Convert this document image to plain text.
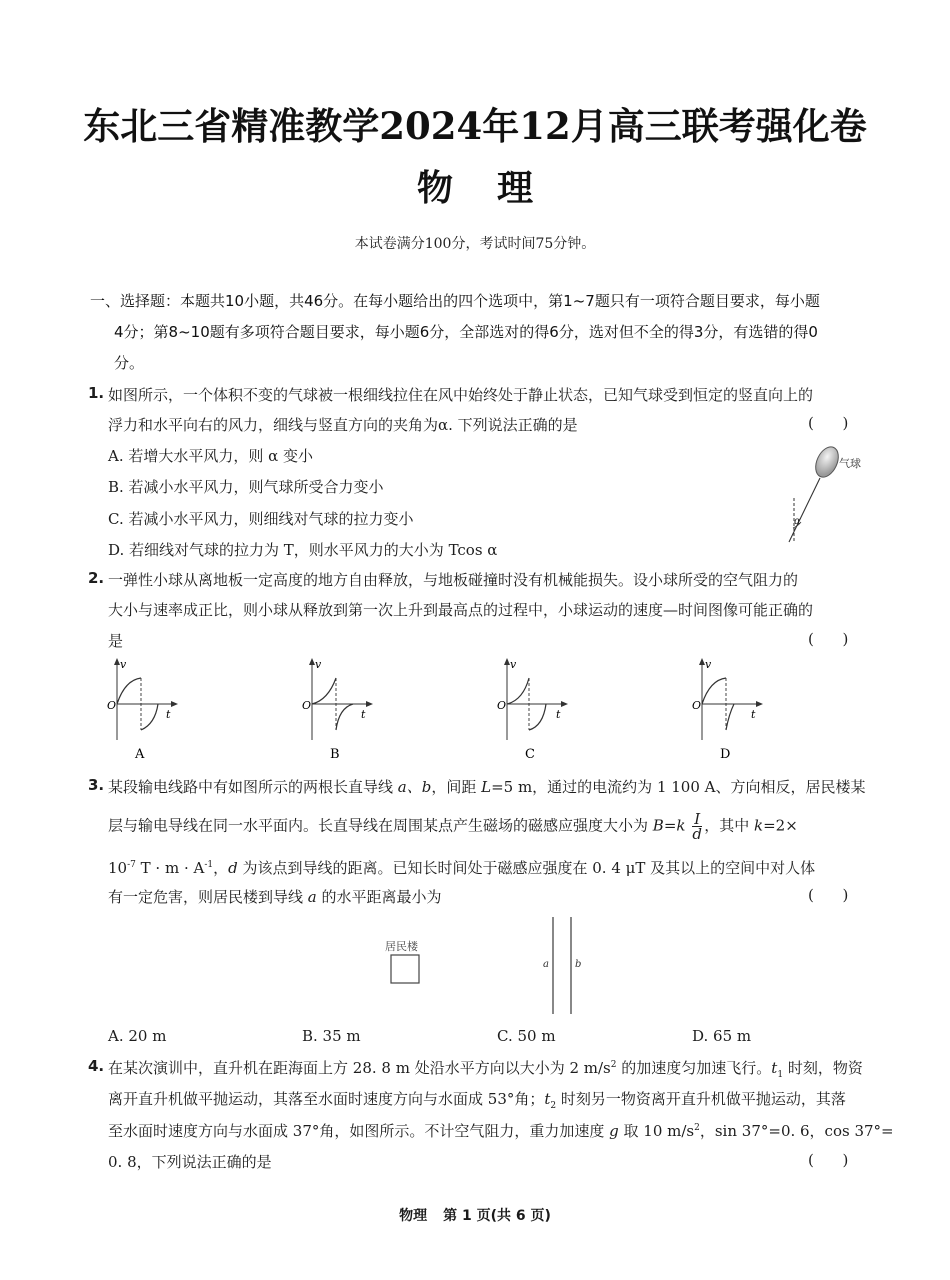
东北三省精准教学2024年12月高三联考强化卷
物 理
本试卷满分100分，考试时间75分钟。
一、选择题：本题共10小题，共46分。在每小题给出的四个选项中，第1~7题只有一项符合题目要求，每小题
4分；第8~10题有多项符合题目要求，每小题6分，全部选对的得6分，选对但不全的得3分，有选错的得0
分。
1. 如图所示，一个体积不变的气球被一根细线拉住在风中始终处于静止状态，已知气球受到恒定的竖直向上的
浮力和水平向右的风力，细线与竖直方向的夹角为α. 下列说法正确的是	(      )
A. 若增大水平风力，则 α 变小
B. 若减小水平风力，则气球所受合力变小
C. 若减小水平风力，则细线对气球的拉力变小
D. 若细线对气球的拉力为 T，则水平风力的大小为 Tcos α
α
气球
2. 一弹性小球从离地板一定高度的地方自由释放，与地板碰撞时没有机械能损失。设小球所受的空气阻力的
大小与速率成正比，则小球从释放到第一次上升到最高点的过程中，小球运动的速度—时间图像可能正确的
是	(      )
v
O
t
A
v
O
t
B
v
O
t
C
v
O
t
D
3. 某段输电线路中有如图所示的两根长直导线 a、b，间距 L=5 m，通过的电流约为 1 100 A、方向相反，居民楼某
层与输电导线在同一水平面内。长直导线在周围某点产生磁场的磁感应强度大小为 $B=k \frac{I}{d}$ ，其中 k=2×
$10^{-7}$ $T \cdot m \cdot A^{-1}$，d 为该点到导线的距离。已知长时间处于磁感应强度在 0. 4 μT 及其以上的空间中对人体
有一定危害，则居民楼到导线 a 的水平距离最小为	(      )
居民楼
a	b
A. 20 m	B. 35 m	C. 50 m	D. 65 m
4. 在某次演训中，直升机在距海面上方 28. 8 m 处沿水平方向以大小为 2 $m/s^2$ 的加速度匀加速飞行。$t_1$ 时刻，物资
离开直升机做平抛运动，其落至水面时速度方向与水面成 53°角；$t_2$ 时刻另一物资离开直升机做平抛运动，其落
至水面时速度方向与水面成 37°角，如图所示。不计空气阻力，重力加速度 g 取 10 $m/s^2$，sin 37°=0. 6，cos 37°=
0. 8，下列说法正确的是	(      )
物理 第 1 页(共 6 页)
